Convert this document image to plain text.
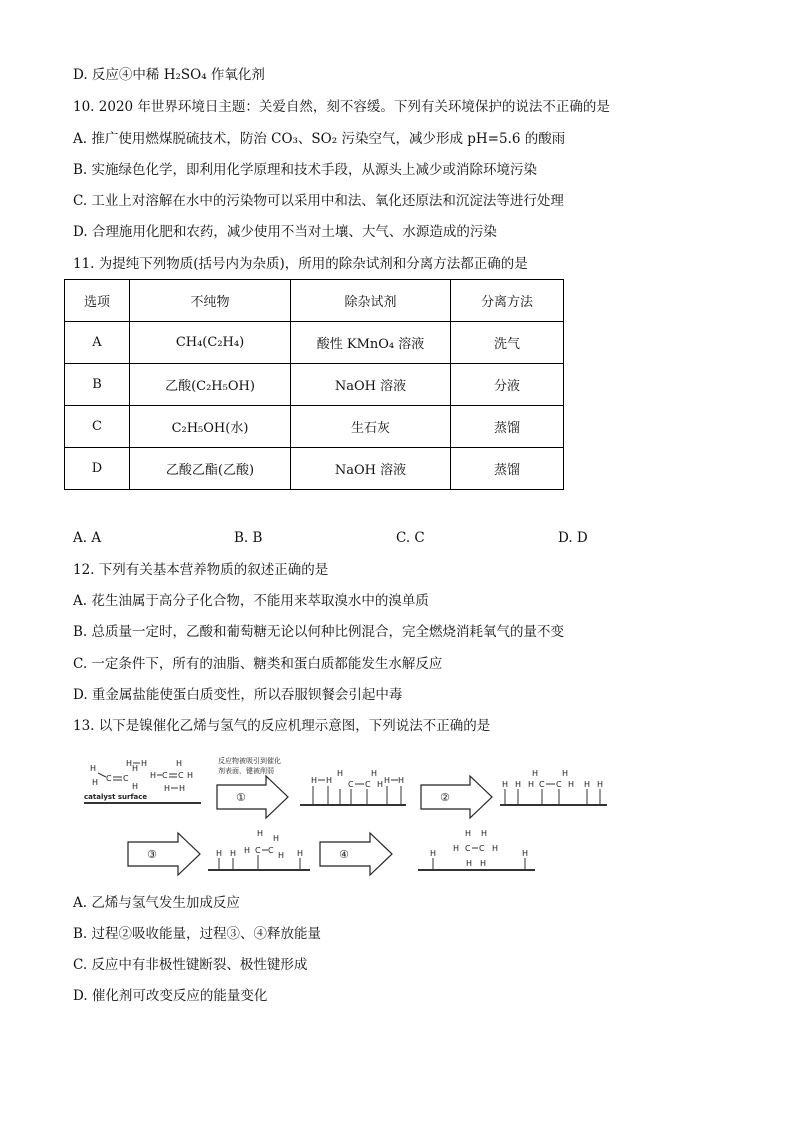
D. 反应④中稀 H₂SO₄ 作氧化剂
10. 2020 年世界环境日主题：关爱自然，刻不容缓。下列有关环境保护的说法不正确的是
A. 推广使用燃煤脱硫技术，防治 CO₃、SO₂ 污染空气，减少形成 pH=5.6 的酸雨
B. 实施绿色化学，即利用化学原理和技术手段，从源头上减少或消除环境污染
C. 工业上对溶解在水中的污染物可以采用中和法、氧化还原法和沉淀法等进行处理
D. 合理施用化肥和农药，减少使用不当对土壤、大气、水源造成的污染
11. 为提纯下列物质(括号内为杂质)，所用的除杂试剂和分离方法都正确的是
选项	不纯物	除杂试剂	分离方法
A	CH₄(C₂H₄)	酸性 KMnO₄ 溶液	洗气
B	乙酸(C₂H₅OH)	NaOH 溶液	分液
C	C₂H₅OH(水)	生石灰	蒸馏
D	乙酸乙酯(乙酸)	NaOH 溶液	蒸馏
A. A	B. B	C. C	D. D
12. 下列有关基本营养物质的叙述正确的是
A. 花生油属于高分子化合物，不能用来萃取溴水中的溴单质
B. 总质量一定时，乙酸和葡萄糖无论以何种比例混合，完全燃烧消耗氧气的量不变
C. 一定条件下，所有的油脂、糖类和蛋白质都能发生水解反应
D. 重金属盐能使蛋白质变性，所以吞服钡餐会引起中毒
13. 以下是镍催化乙烯与氢气的反应机理示意图，下列说法不正确的是
catalyst surface
H
H C C
H
H
H H
H C C
H
H
H H
反应物被吸引到催化
剂表面，键被削弱
①
H H
H
C C
H
H H H
②
H H
H
H C C
H
H H H
③	H H
H
H C C
H
H H	④	H
H H
H C C H
H H
H
A. 乙烯与氢气发生加成反应
B. 过程②吸收能量，过程③、④释放能量
C. 反应中有非极性键断裂、极性键形成
D. 催化剂可改变反应的能量变化
